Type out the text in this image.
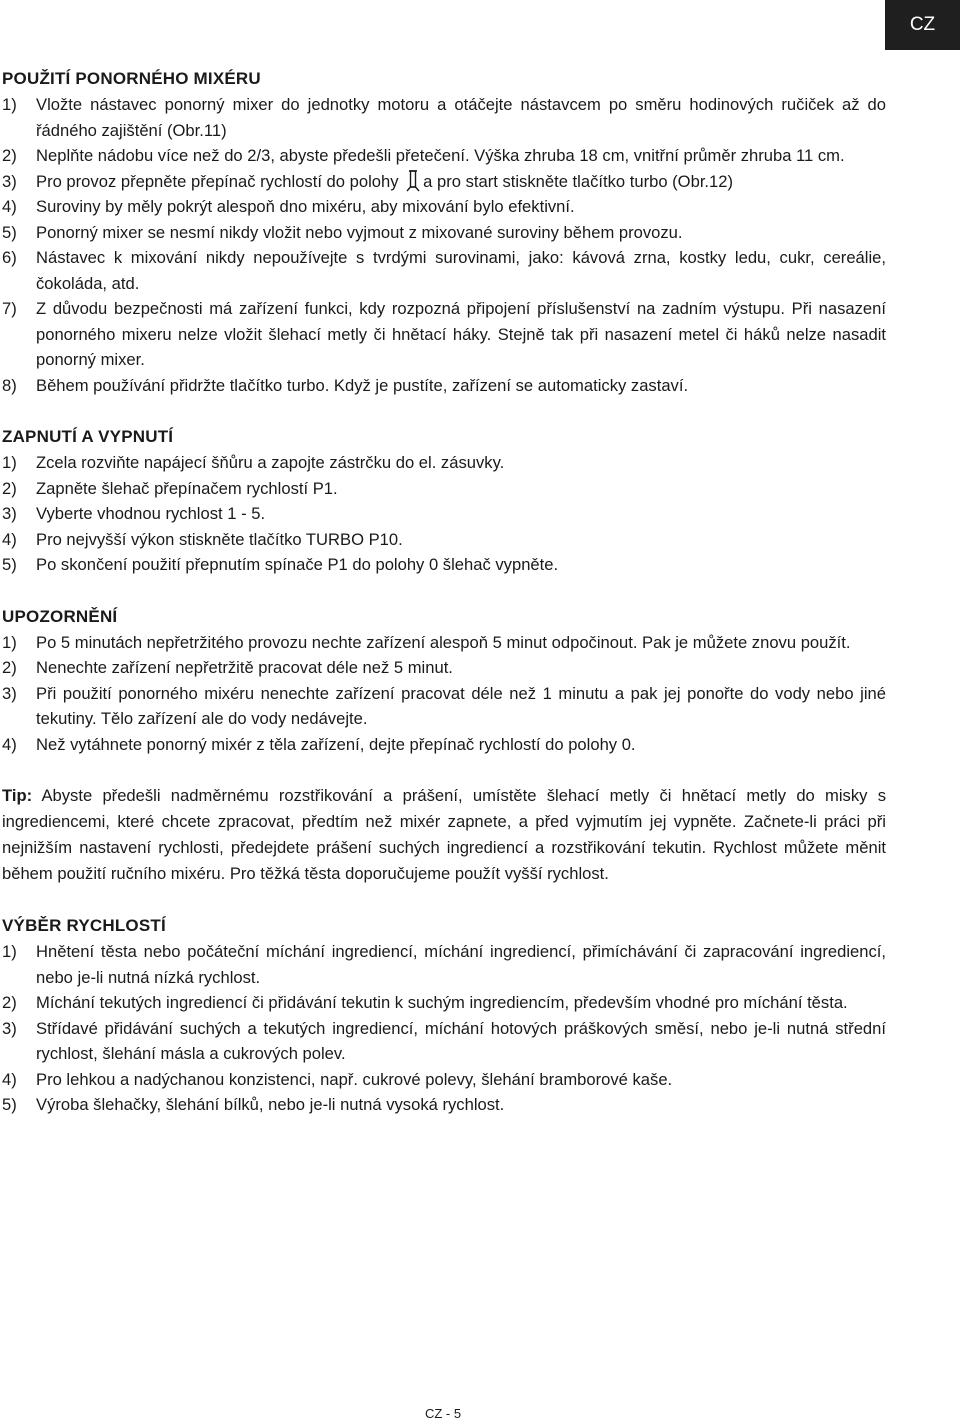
CZ
POUŽITÍ PONORNÉHO MIXÉRU
1) Vložte nástavec ponorný mixer do jednotky motoru a otáčejte nástavcem po směru hodinových ručiček až do řádného zajištění (Obr.11)
2) Neplňte nádobu více než do 2/3, abyste předešli přetečení. Výška zhruba 18 cm, vnitřní průměr zhruba 11 cm.
3) Pro provoz přepněte přepínač rychlostí do polohy a pro start stiskněte tlačítko turbo (Obr.12)
4) Suroviny by měly pokrýt alespoň dno mixéru, aby mixování bylo efektivní.
5) Ponorný mixer se nesmí nikdy vložit nebo vyjmout z mixované suroviny během provozu.
6) Nástavec k mixování nikdy nepoužívejte s tvrdými surovinami, jako: kávová zrna, kostky ledu, cukr, cereálie, čokoláda, atd.
7) Z důvodu bezpečnosti má zařízení funkci, kdy rozpozná připojení příslušenství na zadním výstupu. Při nasazení ponorného mixeru nelze vložit šlehací metly či hnětací háky. Stejně tak při nasazení metel či háků nelze nasadit ponorný mixer.
8) Během používání přidržte tlačítko turbo. Když je pustíte, zařízení se automaticky zastaví.
ZAPNUTÍ A VYPNUTÍ
1) Zcela rozviňte napájecí šňůru a zapojte zástrčku do el. zásuvky.
2) Zapněte šlehač přepínačem rychlostí P1.
3) Vyberte vhodnou rychlost 1 - 5.
4) Pro nejvyšší výkon stiskněte tlačítko TURBO P10.
5) Po skončení použití přepnutím spínače P1 do polohy 0 šlehač vypněte.
UPOZORNĚNÍ
1) Po 5 minutách nepřetržitého provozu nechte zařízení alespoň 5 minut odpočinout. Pak je můžete znovu použít.
2) Nenechte zařízení nepřetržitě pracovat déle než 5 minut.
3) Při použití ponorného mixéru nenechte zařízení pracovat déle než 1 minutu a pak jej ponořte do vody nebo jiné tekutiny. Tělo zařízení ale do vody nedávejte.
4) Než vytáhnete ponorný mixér z těla zařízení, dejte přepínač rychlostí do polohy 0.

Tip: Abyste předešli nadměrnému rozstřikování a prášení, umístěte šlehací metly či hnětací metly do misky s ingrediencemi, které chcete zpracovat, předtím než mixér zapnete, a před vyjmutím jej vypněte. Začnete-li práci při nejnižším nastavení rychlosti, předejdete prášení suchých ingrediencí a rozstřikování tekutin. Rychlost můžete měnit během použití ručního mixéru. Pro těžká těsta doporučujeme použít vyšší rychlost.

VÝBĚR RYCHLOSTÍ
1) Hnětení těsta nebo počáteční míchání ingrediencí, míchání ingrediencí, přimíchávání či zapracování ingrediencí, nebo je-li nutná nízká rychlost.
2) Míchání tekutých ingrediencí či přidávání tekutin k suchým ingrediencím, především vhodné pro míchání těsta.
3) Střídavé přidávání suchých a tekutých ingrediencí, míchání hotových práškových směsí, nebo je-li nutná střední rychlost, šlehání másla a cukrových polev.
4) Pro lehkou a nadýchanou konzistenci, např. cukrové polevy, šlehání bramborové kaše.
5) Výroba šlehačky, šlehání bílků, nebo je-li nutná vysoká rychlost.
CZ - 5
